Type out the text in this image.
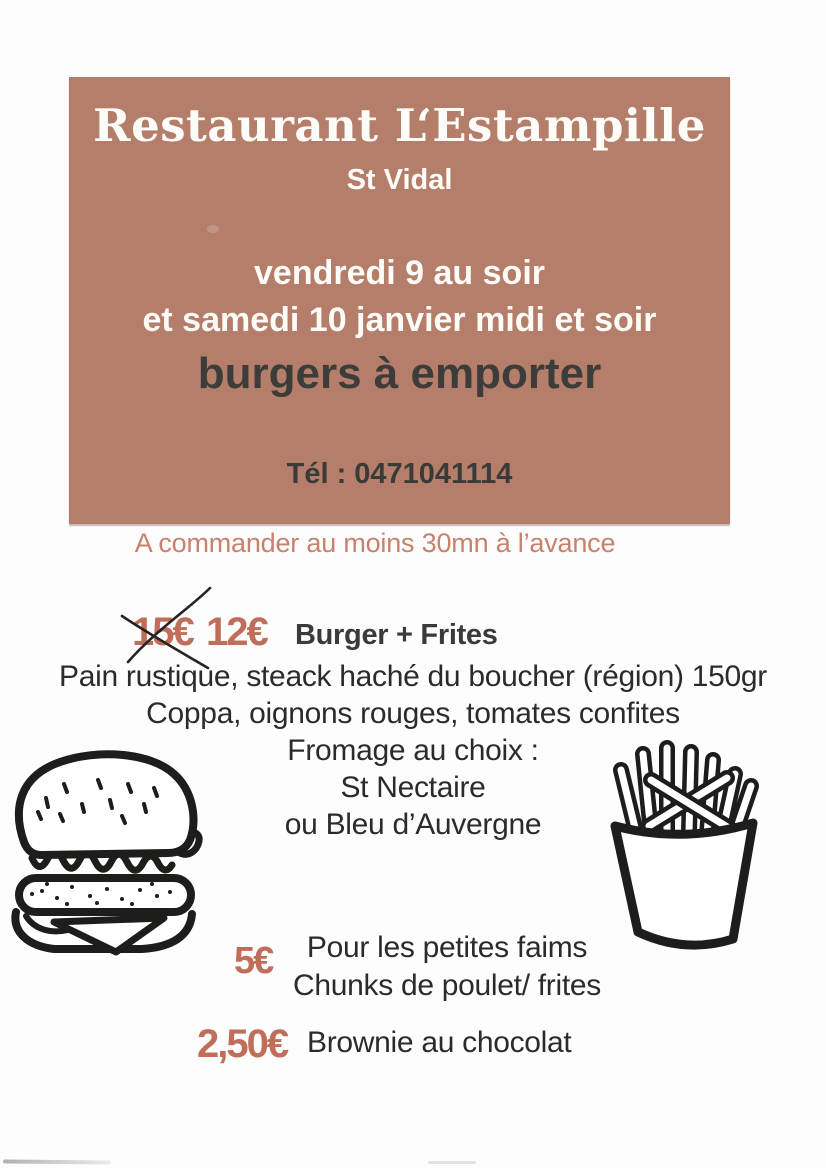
Restaurant L‘Estampille
St Vidal
vendredi 9 au soir
et samedi 10 janvier midi et soir
burgers à emporter
Tél : 0471041114
A commander au moins 30mn à l’avance
15€ 12€ Burger + Frites
Pain rustique, steack haché du boucher (région) 150gr
Coppa, oignons rouges, tomates confites
Fromage au choix :
St Nectaire
ou Bleu d’Auvergne
5€	Pour les petites faims
Chunks de poulet/ frites
2,50€ Brownie au chocolat
